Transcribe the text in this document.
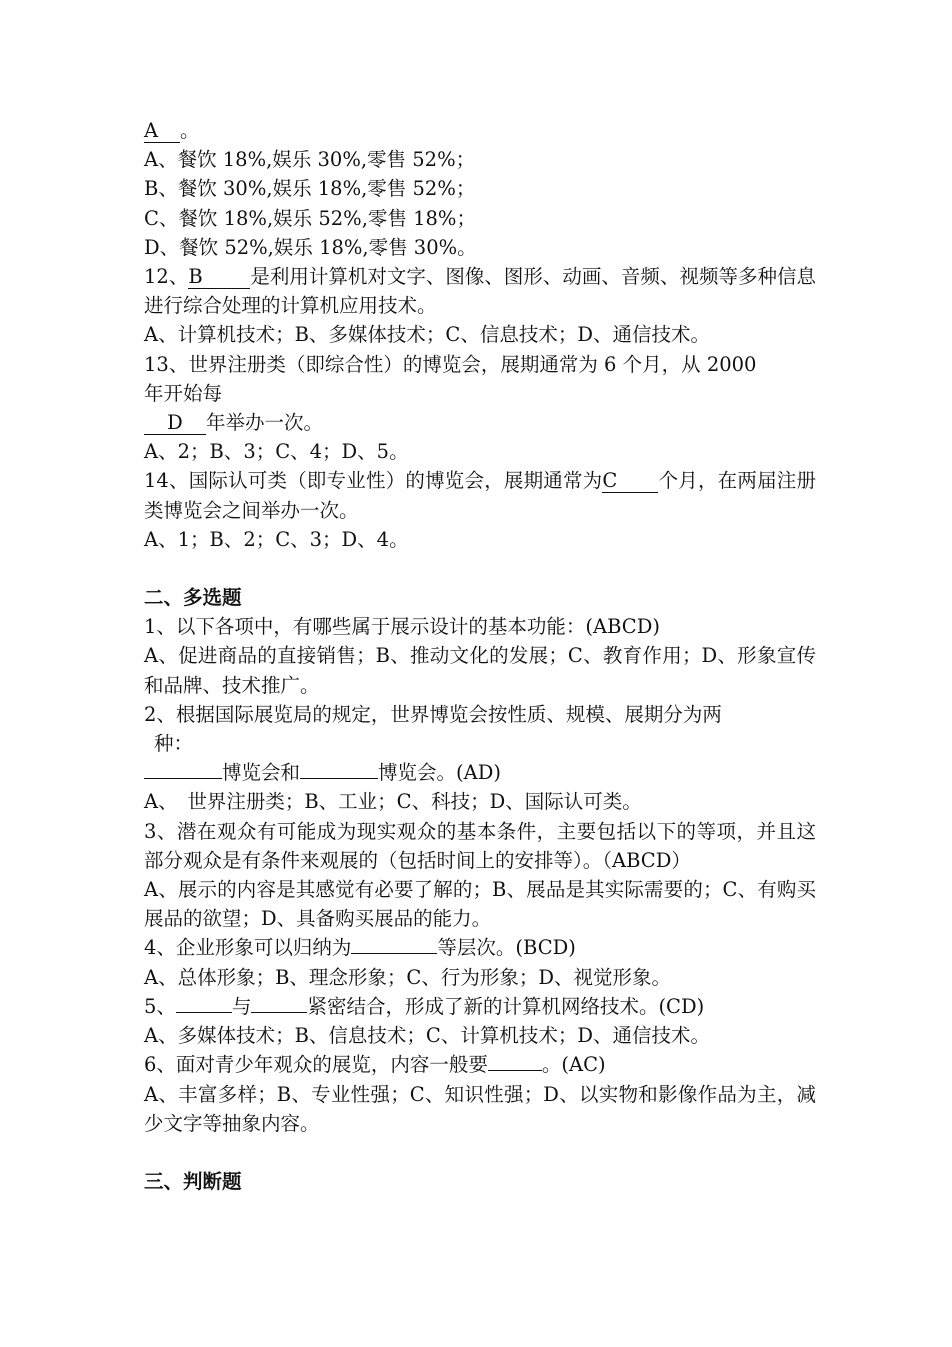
A 。
A、餐饮 18%,娱乐 30%,零售 52%；
B、餐饮 30%,娱乐 18%,零售 52%；
C、餐饮 18%,娱乐 52%,零售 18%；
D、餐饮 52%,娱乐 18%,零售 30%。
12、B 是利用计算机对文字、图像、图形、动画、音频、视频等多种信息进行综合处理的计算机应用技术。
A、计算机技术；B、多媒体技术；C、信息技术；D、通信技术。
13、世界注册类（即综合性）的博览会，展期通常为 6 个月，从 2000
年开始每
D 年举办一次。
A、2；B、3；C、4；D、5。
14、国际认可类（即专业性）的博览会，展期通常为C 个月，在两届注册类博览会之间举办一次。
A、1；B、2；C、3；D、4。
二、多选题
1、以下各项中，有哪些属于展示设计的基本功能：(ABCD)
A、促进商品的直接销售；B、推动文化的发展；C、教育作用；D、形象宣传和品牌、技术推广。
2、根据国际展览局的规定，世界博览会按性质、规模、展期分为两
种：
博览会和	博览会。(AD)
A、　世界注册类；B、工业；C、科技；D、国际认可类。
3、潜在观众有可能成为现实观众的基本条件，主要包括以下的等项，并且这部分观众是有条件来观展的（包括时间上的安排等）。（ABCD）
A、展示的内容是其感觉有必要了解的；B、展品是其实际需要的；C、有购买展品的欲望；D、具备购买展品的能力。
4、企业形象可以归纳为	等层次。(BCD)
A、总体形象；B、理念形象；C、行为形象；D、视觉形象。
5、	与	紧密结合，形成了新的计算机网络技术。(CD)
A、多媒体技术；B、信息技术；C、计算机技术；D、通信技术。
6、面对青少年观众的展览，内容一般要	。(AC)
A、丰富多样；B、专业性强；C、知识性强；D、以实物和影像作品为主，减少文字等抽象内容。
三、判断题
